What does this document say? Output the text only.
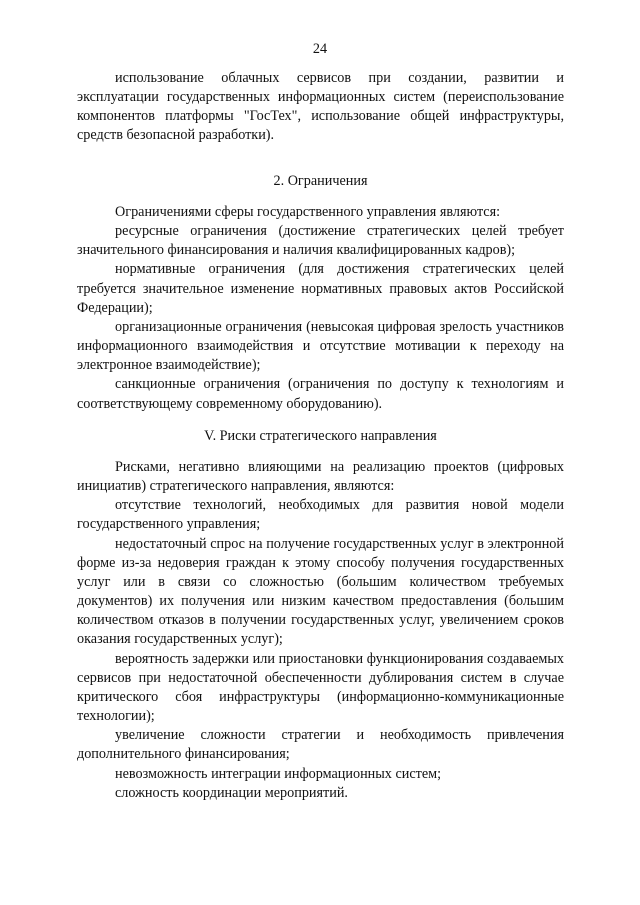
24

использование облачных сервисов при создании, развитии и эксплуатации государственных информационных систем (переиспользование компонентов платформы "ГосТех", использование общей инфраструктуры, средств безопасной разработки).

2. Ограничения

Ограничениями сферы государственного управления являются:

ресурсные ограничения (достижение стратегических целей требует значительного финансирования и наличия квалифицированных кадров);

нормативные ограничения (для достижения стратегических целей требуется значительное изменение нормативных правовых актов Российской Федерации);

организационные ограничения (невысокая цифровая зрелость участников информационного взаимодействия и отсутствие мотивации к переходу на электронное взаимодействие);

санкционные ограничения (ограничения по доступу к технологиям и соответствующему современному оборудованию).

V. Риски стратегического направления

Рисками, негативно влияющими на реализацию проектов (цифровых инициатив) стратегического направления, являются:

отсутствие технологий, необходимых для развития новой модели государственного управления;

недостаточный спрос на получение государственных услуг в электронной форме из-за недоверия граждан к этому способу получения государственных услуг или в связи со сложностью (большим количеством требуемых документов) их получения или низким качеством предоставления (большим количеством отказов в получении государственных услуг, увеличением сроков оказания государственных услуг);

вероятность задержки или приостановки функционирования создаваемых сервисов при недостаточной обеспеченности дублирования систем в случае критического сбоя инфраструктуры (информационно-коммуникационные технологии);

увеличение сложности стратегии и необходимость привлечения дополнительного финансирования;

невозможность интеграции информационных систем;

сложность координации мероприятий.
